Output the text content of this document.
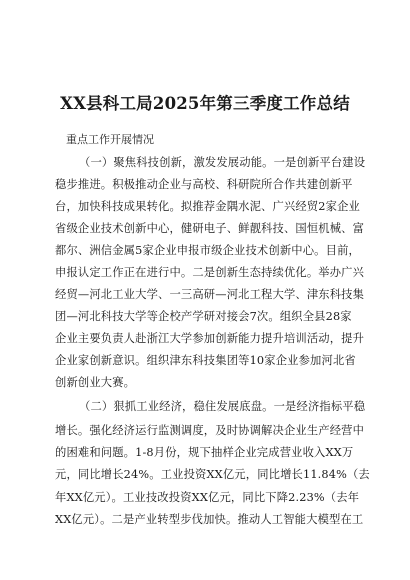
XX县科工局2025年第三季度工作总结
重点工作开展情况
（一）聚焦科技创新，激发发展动能。一是创新平台建设
稳步推进。积极推动企业与高校、科研院所合作共建创新平
台，加快科技成果转化。拟推荐金隅水泥、广兴经贸2家企业
省级企业技术创新中心，健研电子、鲜靓科技、国恒机械、富
都尔、洲信金属5家企业申报市级企业技术创新中心。目前，
申报认定工作正在进行中。二是创新生态持续优化。举办广兴
经贸—河北工业大学、一三高研—河北工程大学、津东科技集
团—河北科技大学等企校产学研对接会7次。组织全县28家
企业主要负责人赴浙江大学参加创新能力提升培训活动，提升
企业家创新意识。组织津东科技集团等10家企业参加河北省
创新创业大赛。
（二）狠抓工业经济，稳住发展底盘。一是经济指标平稳
增长。强化经济运行监测调度，及时协调解决企业生产经营中
的困难和问题。1-8月份，规下抽样企业完成营业收入XX万
元，同比增长24%。工业投资XX亿元，同比增长11.84%（去
年XX亿元）。工业技改投资XX亿元，同比下降2.23%（去年
XX亿元）。二是产业转型步伐加快。推动人工智能大模型在工
